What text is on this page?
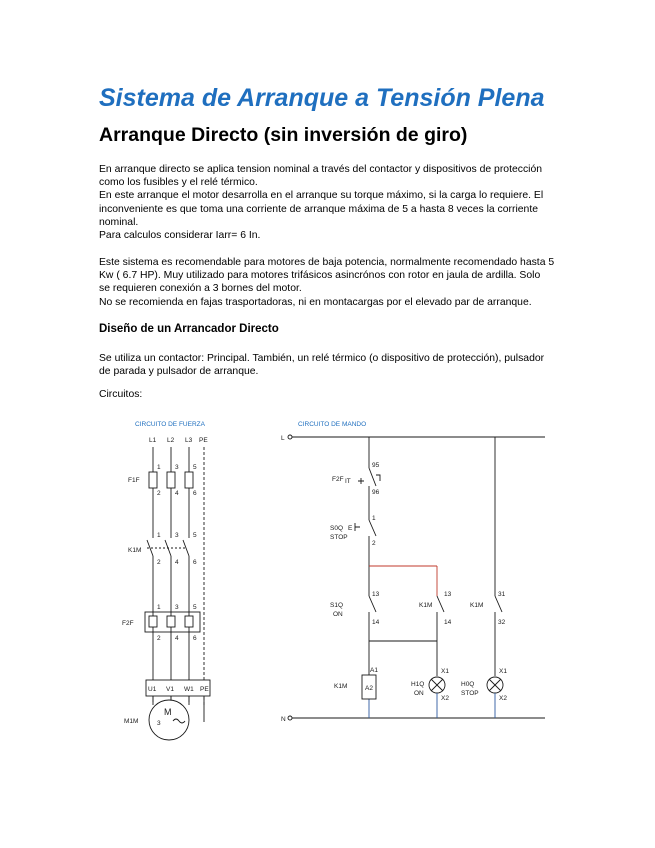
Sistema de Arranque a Tensión Plena
Arranque Directo (sin inversión de giro)
En arranque directo se aplica tension nominal a través del contactor y dispositivos de protección
como los fusibles y el relé térmico.
En este arranque el motor desarrolla en el arranque su torque máximo, si la carga lo requiere. El
inconveniente es que toma una corriente de arranque máxima de 5 a hasta 8 veces la corriente
nominal.
Para calculos considerar Iarr= 6 In.
Este sistema es recomendable para motores de baja potencia, normalmente recomendado hasta 5
Kw ( 6.7 HP). Muy utilizado para motores trifásicos asincrónos con rotor en jaula de ardilla. Solo
se requieren conexión a 3 bornes del motor.
No se recomienda en fajas trasportadoras, ni en montacargas por el elevado par de arranque.
Diseño de un Arrancador Directo
Se utiliza un contactor: Principal. También, un relé térmico (o dispositivo de protección), pulsador
de parada y pulsador de arranque.
Circuitos:
CIRCUITO DE FUERZA
L1 L2 L3 PE
F1F
1 3 5
2 4 6
K1M
1 3 5
2 4 6
F2F
1 3 5
2 4 6
U1 V1 W1 PE
M1M
M
3
CIRCUITO DE MANDO
L
N
F2F IT
95
96
S0Q
STOP
E
1
2
S1Q
ON
13
14
K1M
13
14
K1M
31
32
K1M
A1
A2
H1Q
ON
X1
X2
H0Q
STOP
X1
X2
